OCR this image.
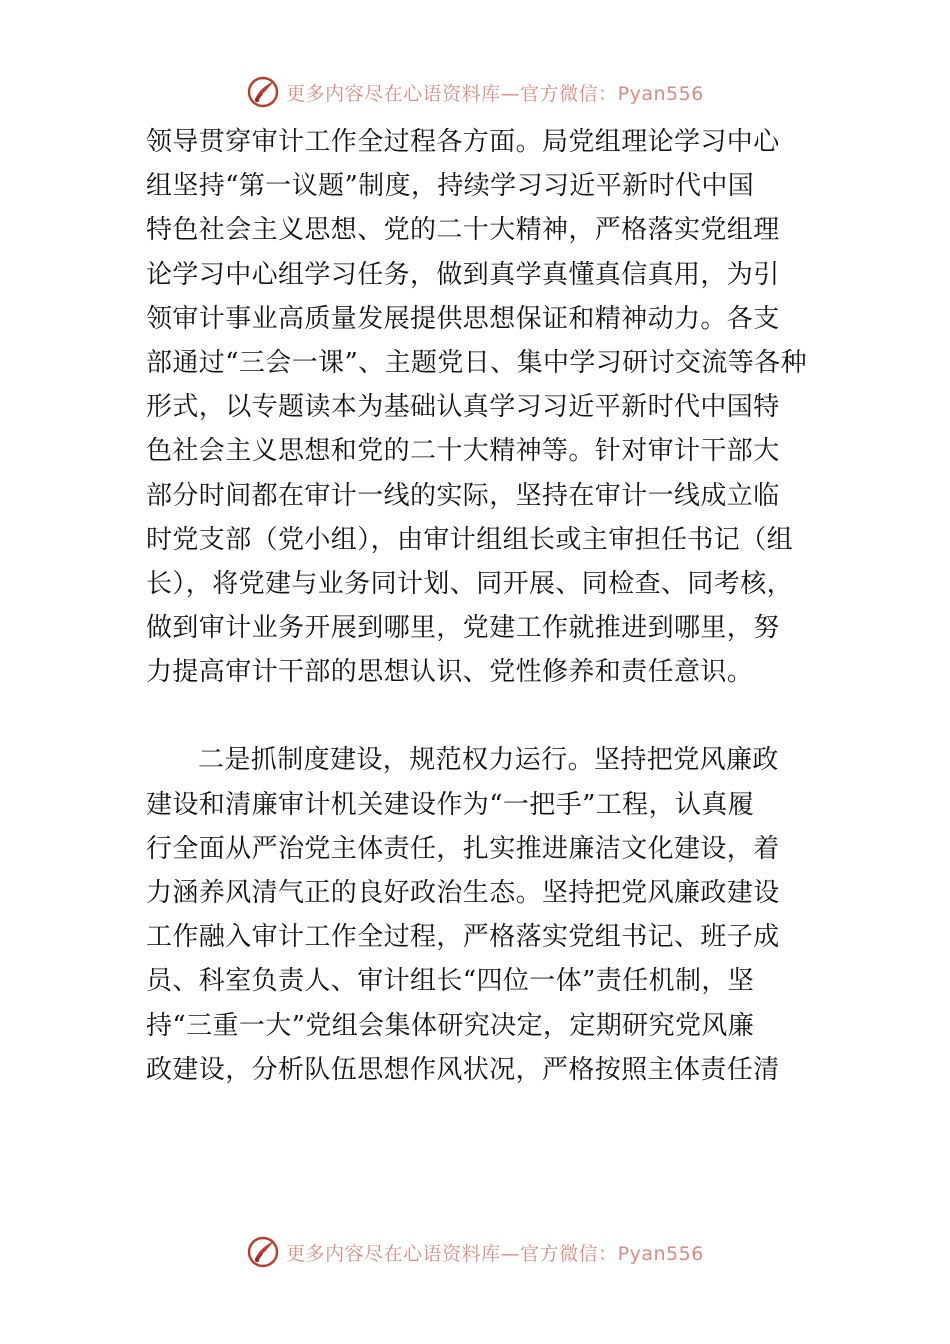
更多内容尽在心语资料库—官方微信：Pyan556
领导贯穿审计工作全过程各方面。局党组理论学习中心
组坚持“第一议题”制度，持续学习习近平新时代中国
特色社会主义思想、党的二十大精神，严格落实党组理
论学习中心组学习任务，做到真学真懂真信真用，为引
领审计事业高质量发展提供思想保证和精神动力。各支
部通过“三会一课”、主题党日、集中学习研讨交流等各种
形式，以专题读本为基础认真学习习近平新时代中国特
色社会主义思想和党的二十大精神等。针对审计干部大
部分时间都在审计一线的实际，坚持在审计一线成立临
时党支部（党小组），由审计组组长或主审担任书记（组
长），将党建与业务同计划、同开展、同检查、同考核，
做到审计业务开展到哪里，党建工作就推进到哪里，努
力提高审计干部的思想认识、党性修养和责任意识。
二是抓制度建设，规范权力运行。坚持把党风廉政
建设和清廉审计机关建设作为“一把手”工程，认真履
行全面从严治党主体责任，扎实推进廉洁文化建设，着
力涵养风清气正的良好政治生态。坚持把党风廉政建设
工作融入审计工作全过程，严格落实党组书记、班子成
员、科室负责人、审计组长“四位一体”责任机制，坚
持“三重一大”党组会集体研究决定，定期研究党风廉
政建设，分析队伍思想作风状况，严格按照主体责任清
更多内容尽在心语资料库—官方微信：Pyan556
